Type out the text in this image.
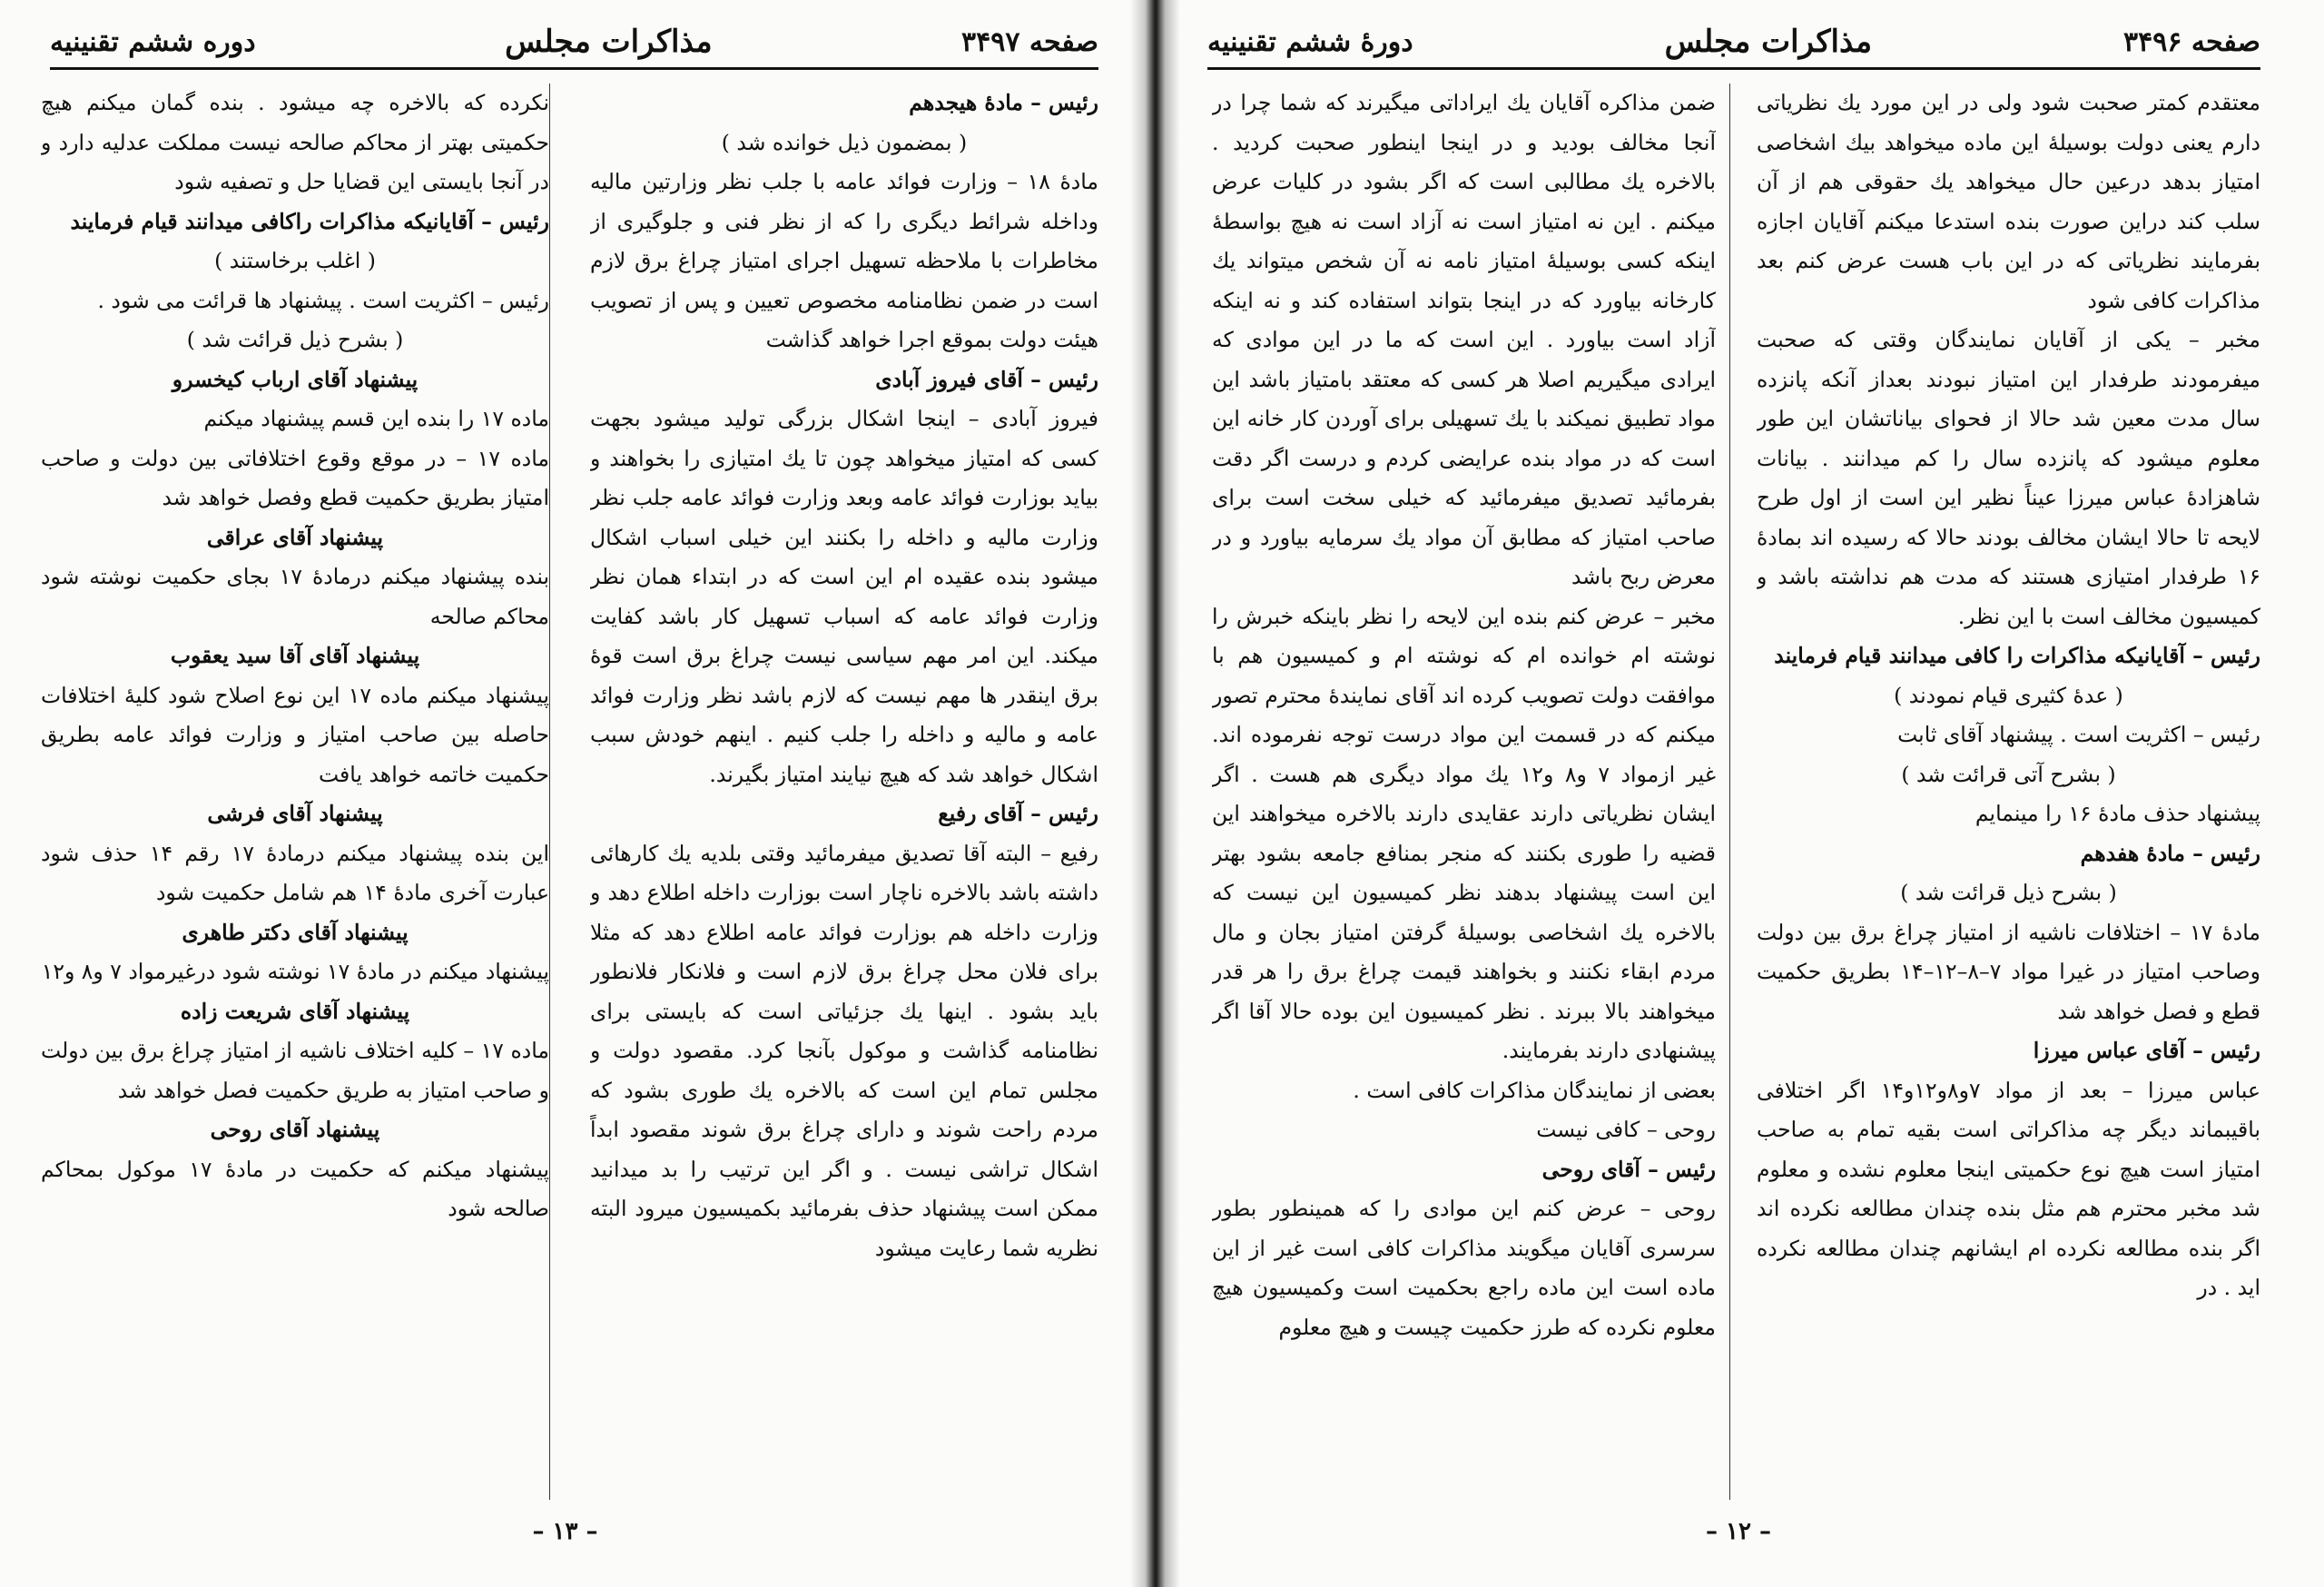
صفحه ۳۴۹۷
مذاکرات مجلس
دوره ششم تقنینیه

رئیس – مادهٔ هیجدهم

( بمضمون ذیل خوانده شد )

مادهٔ ۱۸ – وزارت فوائد عامه با جلب نظر وزارتین مالیه وداخله شرائط دیگری را که از نظر فنی و جلوگیری از مخاطرات با ملاحظه تسهیل اجرای امتیاز چراغ برق لازم است در ضمن نظامنامه مخصوص تعیین و پس از تصویب هیئت دولت بموقع اجرا خواهد گذاشت

رئیس – آقای فیروز آبادی

فیروز آبادی – اینجا اشکال بزرگی تولید میشود بجهت کسی که امتیاز میخواهد چون تا یك امتیازی را بخواهند و بیاید بوزارت فوائد عامه وبعد وزارت فوائد عامه جلب نظر وزارت مالیه و داخله را بکنند این خیلی اسباب اشکال میشود بنده عقیده ام این است که در ابتداء همان نظر وزارت فوائد عامه که اسباب تسهیل کار باشد کفایت میکند. این امر مهم سیاسی نیست چراغ برق است قوهٔ برق اینقدر ها مهم نیست که لازم باشد نظر وزارت فوائد عامه و مالیه و داخله را جلب کنیم . اینهم خودش سبب اشکال خواهد شد که هیچ نیایند امتیاز بگیرند.

رئیس – آقای رفیع

رفیع – البته آقا تصدیق میفرمائید وقتی بلدیه یك کارهائی داشته باشد بالاخره ناچار است بوزارت داخله اطلاع دهد و وزارت داخله هم بوزارت فوائد عامه اطلاع دهد که مثلا برای فلان محل چراغ برق لازم است و فلانکار فلانطور باید بشود . اینها یك جزئیاتی است که بایستی برای نظامنامه گذاشت و موکول بآنجا کرد. مقصود دولت و مجلس تمام این است که بالاخره یك طوری بشود که مردم راحت شوند و دارای چراغ برق شوند مقصود ابداً اشکال تراشی نیست . و اگر این ترتیب را بد میدانید ممکن است پیشنهاد حذف بفرمائید بکمیسیون میرود البته نظریه شما رعایت میشود

نکرده که بالاخره چه میشود . بنده گمان میکنم هیچ حکمیتی بهتر از محاکم صالحه نیست مملکت عدلیه دارد و در آنجا بایستی این قضایا حل و تصفیه شود

رئیس – آقایانیکه مذاکرات راکافی میدانند قیام فرمایند

( اغلب برخاستند )

رئیس – اکثریت است . پیشنهاد ها قرائت می شود .

( بشرح ذیل قرائت شد )

پیشنهاد آقای ارباب کیخسرو

ماده ۱۷ را بنده این قسم پیشنهاد میکنم

ماده ۱۷ – در موقع وقوع اختلافاتی بین دولت و صاحب امتیاز بطریق حکمیت قطع وفصل خواهد شد

پیشنهاد آقای عراقی

بنده پیشنهاد میکنم درمادهٔ ۱۷ بجای حکمیت نوشته شود محاکم صالحه

پیشنهاد آقای آقا سید یعقوب

پیشنهاد میکنم ماده ۱۷ این نوع اصلاح شود کلیهٔ اختلافات حاصله بین صاحب امتیاز و وزارت فوائد عامه بطریق حکمیت خاتمه خواهد یافت

پیشنهاد آقای فرشی

این بنده پیشنهاد میکنم درمادهٔ ۱۷ رقم ۱۴ حذف شود عبارت آخری مادهٔ ۱۴ هم شامل حکمیت شود

پیشنهاد آقای دکتر طاهری

پیشنهاد میکنم در مادهٔ ۱۷ نوشته شود درغیرمواد ۷ و۸ و۱۲

پیشنهاد آقای شریعت زاده

ماده ۱۷ – کلیه اختلاف ناشیه از امتیاز چراغ برق بین دولت و صاحب امتیاز به طریق حکمیت فصل خواهد شد

پیشنهاد آقای روحی

پیشنهاد میکنم که حکمیت در مادهٔ ۱۷ موکول بمحاکم صالحه شود

– ۱۳ –
صفحه ۳۴۹۶
مذاکرات مجلس
دورهٔ ششم تقنینیه

معتقدم کمتر صحبت شود ولی در این مورد یك نظریاتی دارم یعنی دولت بوسیلهٔ این ماده میخواهد بیك اشخاصی امتیاز بدهد درعین حال میخواهد یك حقوقی هم از آن سلب کند دراین صورت بنده استدعا میکنم آقایان اجازه بفرمایند نظریاتی که در این باب هست عرض کنم بعد مذاکرات کافی شود

مخبر – یکی از آقایان نمایندگان وقتی که صحبت میفرمودند طرفدار این امتیاز نبودند بعداز آنکه پانزده سال مدت معین شد حالا از فحوای بیاناتشان این طور معلوم میشود که پانزده سال را کم میدانند . بیانات شاهزادهٔ عباس میرزا عیناً نظیر این است از اول طرح لایحه تا حالا ایشان مخالف بودند حالا که رسیده اند بمادهٔ ۱۶ طرفدار امتیازی هستند که مدت هم نداشته باشد و کمیسیون مخالف است با این نظر.

رئیس – آقایانیکه مذاکرات را کافی میدانند قیام فرمایند

( عدهٔ کثیری قیام نمودند )

رئیس – اکثریت است . پیشنهاد آقای ثابت

( بشرح آتی قرائت شد )

پیشنهاد حذف مادهٔ ۱۶ را مینمایم

رئیس – مادهٔ هفدهم

( بشرح ذیل قرائت شد )

مادهٔ ۱۷ – اختلافات ناشیه از امتیاز چراغ برق بین دولت وصاحب امتیاز در غیرا مواد ۷–۸–۱۲–۱۴ بطریق حکمیت قطع و فصل خواهد شد

رئیس – آقای عباس میرزا

عباس میرزا – بعد از مواد ۷و۸و۱۲و۱۴ اگر اختلافی باقیبماند دیگر چه مذاکراتی است بقیه تمام به صاحب امتیاز است هیچ نوع حکمیتی اینجا معلوم نشده و معلوم شد مخبر محترم هم مثل بنده چندان مطالعه نکرده اند اگر بنده مطالعه نکرده ام ایشانهم چندان مطالعه نکرده اید . در

ضمن مذاکره آقایان یك ایراداتی میگیرند که شما چرا در آنجا مخالف بودید و در اینجا اینطور صحبت کردید . بالاخره یك مطالبی است که اگر بشود در کلیات عرض میکنم . این نه امتیاز است نه آزاد است نه هیچ بواسطهٔ اینکه کسی بوسیلهٔ امتیاز نامه نه آن شخص میتواند یك کارخانه بیاورد که در اینجا بتواند استفاده کند و نه اینکه آزاد است بیاورد . این است که ما در این موادی که ایرادی میگیریم اصلا هر کسی که معتقد بامتیاز باشد این مواد تطبیق نمیکند با یك تسهیلی برای آوردن کار خانه این است که در مواد بنده عرایضی کردم و درست اگر دقت بفرمائید تصدیق میفرمائید که خیلی سخت است برای صاحب امتیاز که مطابق آن مواد یك سرمایه بیاورد و در معرض ربح باشد

مخبر – عرض کنم بنده این لایحه را نظر باینکه خبرش را نوشته ام خوانده ام که نوشته ام و کمیسیون هم با موافقت دولت تصویب کرده اند آقای نمایندهٔ محترم تصور میکنم که در قسمت این مواد درست توجه نفرموده اند. غیر ازمواد ۷ و۸ و۱۲ یك مواد دیگری هم هست . اگر ایشان نظریاتی دارند عقایدی دارند بالاخره میخواهند این قضیه را طوری بکنند که منجر بمنافع جامعه بشود بهتر این است پیشنهاد بدهند نظر کمیسیون این نیست که بالاخره یك اشخاصی بوسیلهٔ گرفتن امتیاز بجان و مال مردم ابقاء نکنند و بخواهند قیمت چراغ برق را هر قدر میخواهند بالا ببرند . نظر کمیسیون این بوده حالا آقا اگر پیشنهادی دارند بفرمایند.

بعضی از نمایندگان مذاکرات کافی است .

روحی – کافی نیست

رئیس – آقای روحی

روحی – عرض کنم این موادی را که همینطور بطور سرسری آقایان میگویند مذاکرات کافی است غیر از این ماده است این ماده راجع بحکمیت است وکمیسیون هیچ معلوم نکرده که طرز حکمیت چیست و هیچ معلوم

– ۱۲ –
